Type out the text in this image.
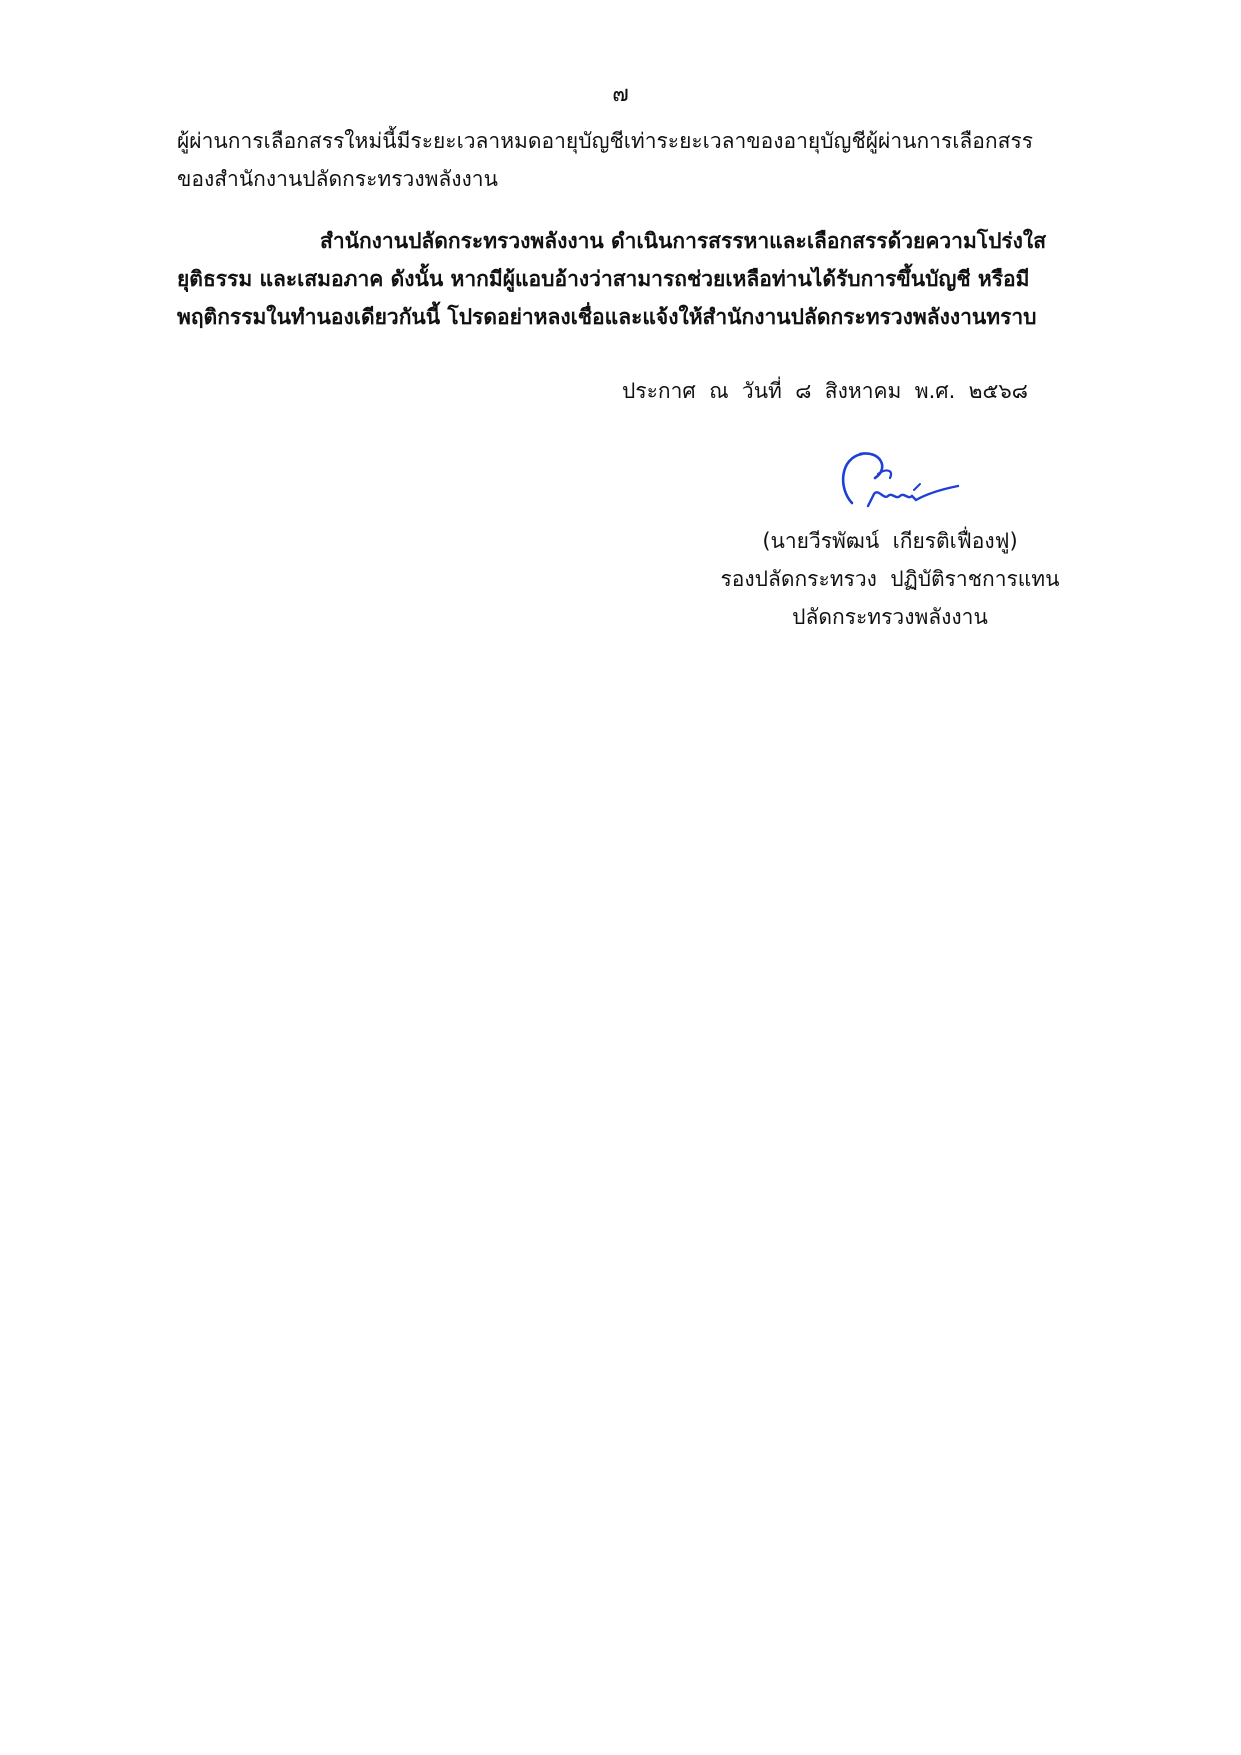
๗
ผู้ผ่านการเลือกสรรใหม่นี้มีระยะเวลาหมดอายุบัญชีเท่าระยะเวลาของอายุบัญชีผู้ผ่านการเลือกสรร
ของสำนักงานปลัดกระทรวงพลังงาน
สำนักงานปลัดกระทรวงพลังงาน ดำเนินการสรรหาและเลือกสรรด้วยความโปร่งใส
ยุติธรรม และเสมอภาค ดังนั้น หากมีผู้แอบอ้างว่าสามารถช่วยเหลือท่านได้รับการขึ้นบัญชี หรือมี
พฤติกรรมในทำนองเดียวกันนี้ โปรดอย่าหลงเชื่อและแจ้งให้สำนักงานปลัดกระทรวงพลังงานทราบ
ประกาศ  ณ  วันที่  ๘  สิงหาคม  พ.ศ.  ๒๕๖๘
(นายวีรพัฒน์  เกียรติเฟื่องฟู)
รองปลัดกระทรวง  ปฏิบัติราชการแทน
ปลัดกระทรวงพลังงาน
